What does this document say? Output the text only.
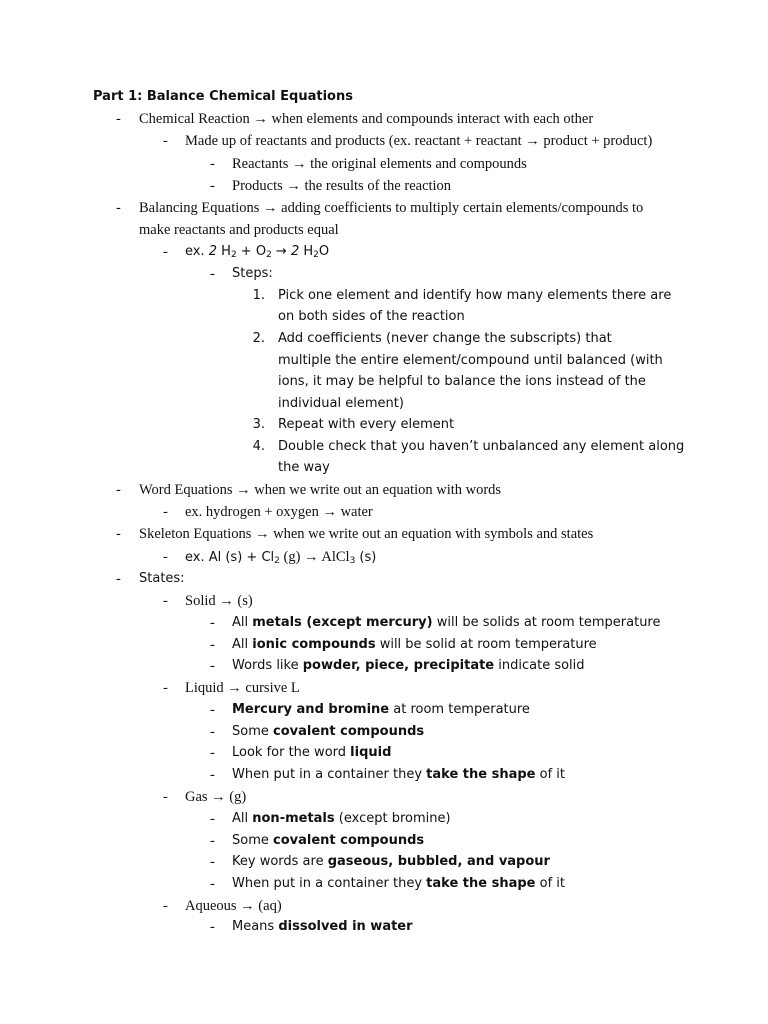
Part 1: Balance Chemical Equations
- Chemical Reaction → when elements and compounds interact with each other
- Made up of reactants and products (ex. reactant + reactant → product + product)
- Reactants → the original elements and compounds
- Products → the results of the reaction
- Balancing Equations → adding coefficients to multiply certain elements/compounds to
make reactants and products equal
- ex. 2 $H_2 + O_2 \to 2$ $H_2O$
- Steps:
1. Pick one element and identify how many elements there are
on both sides of the reaction
2. Add coefficients (never change the subscripts) that
multiple the entire element/compound until balanced (with
ions, it may be helpful to balance the ions instead of the
individual element)
3. Repeat with every element
4. Double check that you haven’t unbalanced any element along
the way
- Word Equations → when we write out an equation with words
- ex. hydrogen + oxygen → water
- Skeleton Equations → when we write out an equation with symbols and states
- ex. Al $(s) + Cl_2$ (g) → AlCl$_3$ (s)
- States:
- Solid → (s)
- All metals (except mercury) will be solids at room temperature
- All ionic compounds will be solid at room temperature
- Words like powder, piece, precipitate indicate solid
- Liquid → cursive L
- Mercury and bromine at room temperature
- Some covalent compounds
- Look for the word liquid
- When put in a container they take the shape of it
- Gas → (g)
- All non-metals (except bromine)
- Some covalent compounds
- Key words are gaseous, bubbled, and vapour
- When put in a container they take the shape of it
- Aqueous → (aq)
- Means dissolved in water
